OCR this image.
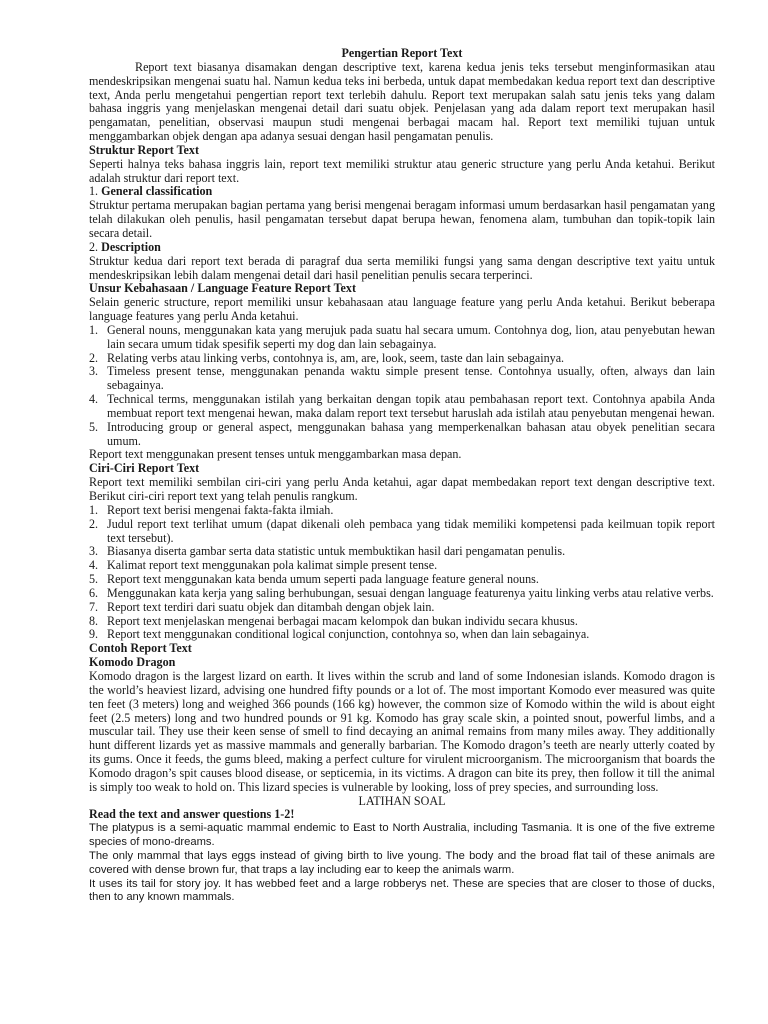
Pengertian Report Text

Report text biasanya disamakan dengan descriptive text, karena kedua jenis teks tersebut menginformasikan atau mendeskripsikan mengenai suatu hal. Namun kedua teks ini berbeda, untuk dapat membedakan kedua report text dan descriptive text, Anda perlu mengetahui pengertian report text terlebih dahulu. Report text merupakan salah satu jenis teks yang dalam bahasa inggris yang menjelaskan mengenai detail dari suatu objek. Penjelasan yang ada dalam report text merupakan hasil pengamatan, penelitian, observasi maupun studi mengenai berbagai macam hal. Report text memiliki tujuan untuk menggambarkan objek dengan apa adanya sesuai dengan hasil pengamatan penulis.

Struktur Report Text

Seperti halnya teks bahasa inggris lain, report text memiliki struktur atau generic structure yang perlu Anda ketahui. Berikut adalah struktur dari report text.

1. General classification

Struktur pertama merupakan bagian pertama yang berisi mengenai beragam informasi umum berdasarkan hasil pengamatan yang telah dilakukan oleh penulis, hasil pengamatan tersebut dapat berupa hewan, fenomena alam, tumbuhan dan topik-topik lain secara detail.

2. Description

Struktur kedua dari report text berada di paragraf dua serta memiliki fungsi yang sama dengan descriptive text yaitu untuk mendeskripsikan lebih dalam mengenai detail dari hasil penelitian penulis secara terperinci.

Unsur Kebahasaan / Language Feature Report Text

Selain generic structure, report memiliki unsur kebahasaan atau language feature yang perlu Anda ketahui. Berikut beberapa language features yang perlu Anda ketahui.

1. General nouns, menggunakan kata yang merujuk pada suatu hal secara umum. Contohnya dog, lion, atau penyebutan hewan lain secara umum tidak spesifik seperti my dog dan lain sebagainya.
2. Relating verbs atau linking verbs, contohnya is, am, are, look, seem, taste dan lain sebagainya.
3. Timeless present tense, menggunakan penanda waktu simple present tense. Contohnya usually, often, always dan lain sebagainya.
4. Technical terms, menggunakan istilah yang berkaitan dengan topik atau pembahasan report text. Contohnya apabila Anda membuat report text mengenai hewan, maka dalam report text tersebut haruslah ada istilah atau penyebutan mengenai hewan.
5. Introducing group or general aspect, menggunakan bahasa yang memperkenalkan bahasan atau obyek penelitian secara umum.

Report text menggunakan present tenses untuk menggambarkan masa depan.

Ciri-Ciri Report Text

Report text memiliki sembilan ciri-ciri yang perlu Anda ketahui, agar dapat membedakan report text dengan descriptive text. Berikut ciri-ciri report text yang telah penulis rangkum.

1. Report text berisi mengenai fakta-fakta ilmiah.
2. Judul report text terlihat umum (dapat dikenali oleh pembaca yang tidak memiliki kompetensi pada keilmuan topik report text tersebut).
3. Biasanya diserta gambar serta data statistic untuk membuktikan hasil dari pengamatan penulis.
4. Kalimat report text menggunakan pola kalimat simple present tense.
5. Report text menggunakan kata benda umum seperti pada language feature general nouns.
6. Menggunakan kata kerja yang saling berhubungan, sesuai dengan language featurenya yaitu linking verbs atau relative verbs.
7. Report text terdiri dari suatu objek dan ditambah dengan objek lain.
8. Report text menjelaskan mengenai berbagai macam kelompok dan bukan individu secara khusus.
9. Report text menggunakan conditional logical conjunction, contohnya so, when dan lain sebagainya.

Contoh Report Text

Komodo Dragon

Komodo dragon is the largest lizard on earth. It lives within the scrub and land of some Indonesian islands. Komodo dragon is the world’s heaviest lizard, advising one hundred fifty pounds or a lot of. The most important Komodo ever measured was quite ten feet (3 meters) long and weighed 366 pounds (166 kg) however, the common size of Komodo within the wild is about eight feet (2.5 meters) long and two hundred pounds or 91 kg. Komodo has gray scale skin, a pointed snout, powerful limbs, and a muscular tail. They use their keen sense of smell to find decaying an animal remains from many miles away. They additionally hunt different lizards yet as massive mammals and generally barbarian. The Komodo dragon’s teeth are nearly utterly coated by its gums. Once it feeds, the gums bleed, making a perfect culture for virulent microorganism. The microorganism that boards the Komodo dragon’s spit causes blood disease, or septicemia, in its victims. A dragon can bite its prey, then follow it till the animal is simply too weak to hold on. This lizard species is vulnerable by looking, loss of prey species, and surrounding loss.

LATIHAN SOAL

Read the text and answer questions 1-2!

The platypus is a semi-aquatic mammal endemic to East to North Australia, including Tasmania. It is one of the five extreme species of mono-dreams.

The only mammal that lays eggs instead of giving birth to live young. The body and the broad flat tail of these animals are covered with dense brown fur, that traps a lay including ear to keep the animals warm.

It uses its tail for story joy. It has webbed feet and a large robberys net. These are species that are closer to those of ducks, then to any known mammals.
